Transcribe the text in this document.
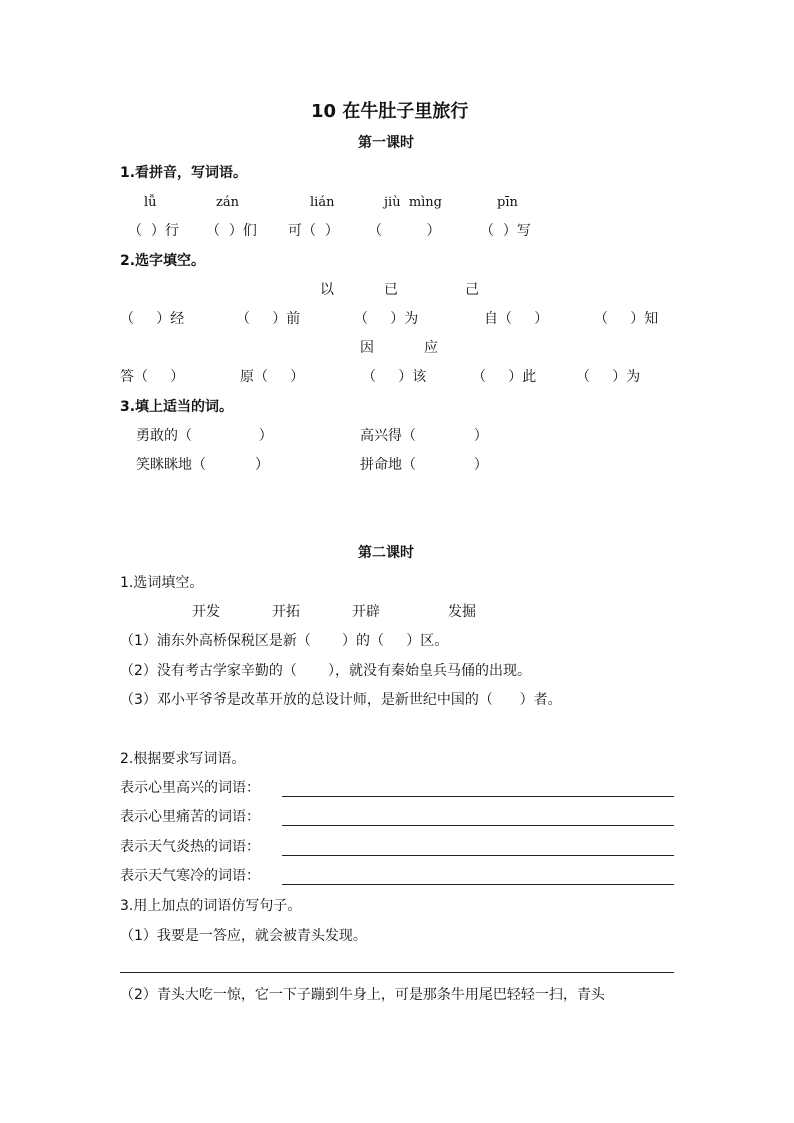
10 在牛肚子里旅行
第一课时
1.看拼音，写词语。
lǚ	zán	lián	jiù  mìng	pīn
（  ）行 （  ）们 可（  ） （          ）	（  ）写
2.选字填空。
以	已	己
（     ）经	（     ）前	（     ）为	自（     ）	（     ）知
因	应
答（     ）	原（     ）	（     ）该	（     ）此	（     ）为
3.填上适当的词。
勇敢的（               ）	高兴得（             ）
笑眯眯地（           ）	拼命地（             ）
第二课时
1.选词填空。
开发	开拓	开辟	发掘
（1）浦东外高桥保税区是新（       ）的（     ）区。
（2）没有考古学家辛勤的（       ），就没有秦始皇兵马俑的出现。
（3）邓小平爷爷是改革开放的总设计师，是新世纪中国的（      ）者。
2.根据要求写词语。
表示心里高兴的词语：
表示心里痛苦的词语：
表示天气炎热的词语：
表示天气寒冷的词语：
3.用上加点的词语仿写句子。
（1）我要是一答应，就会被青头发现。
（2）青头大吃一惊，它一下子蹦到牛身上，可是那条牛用尾巴轻轻一扫，青头
